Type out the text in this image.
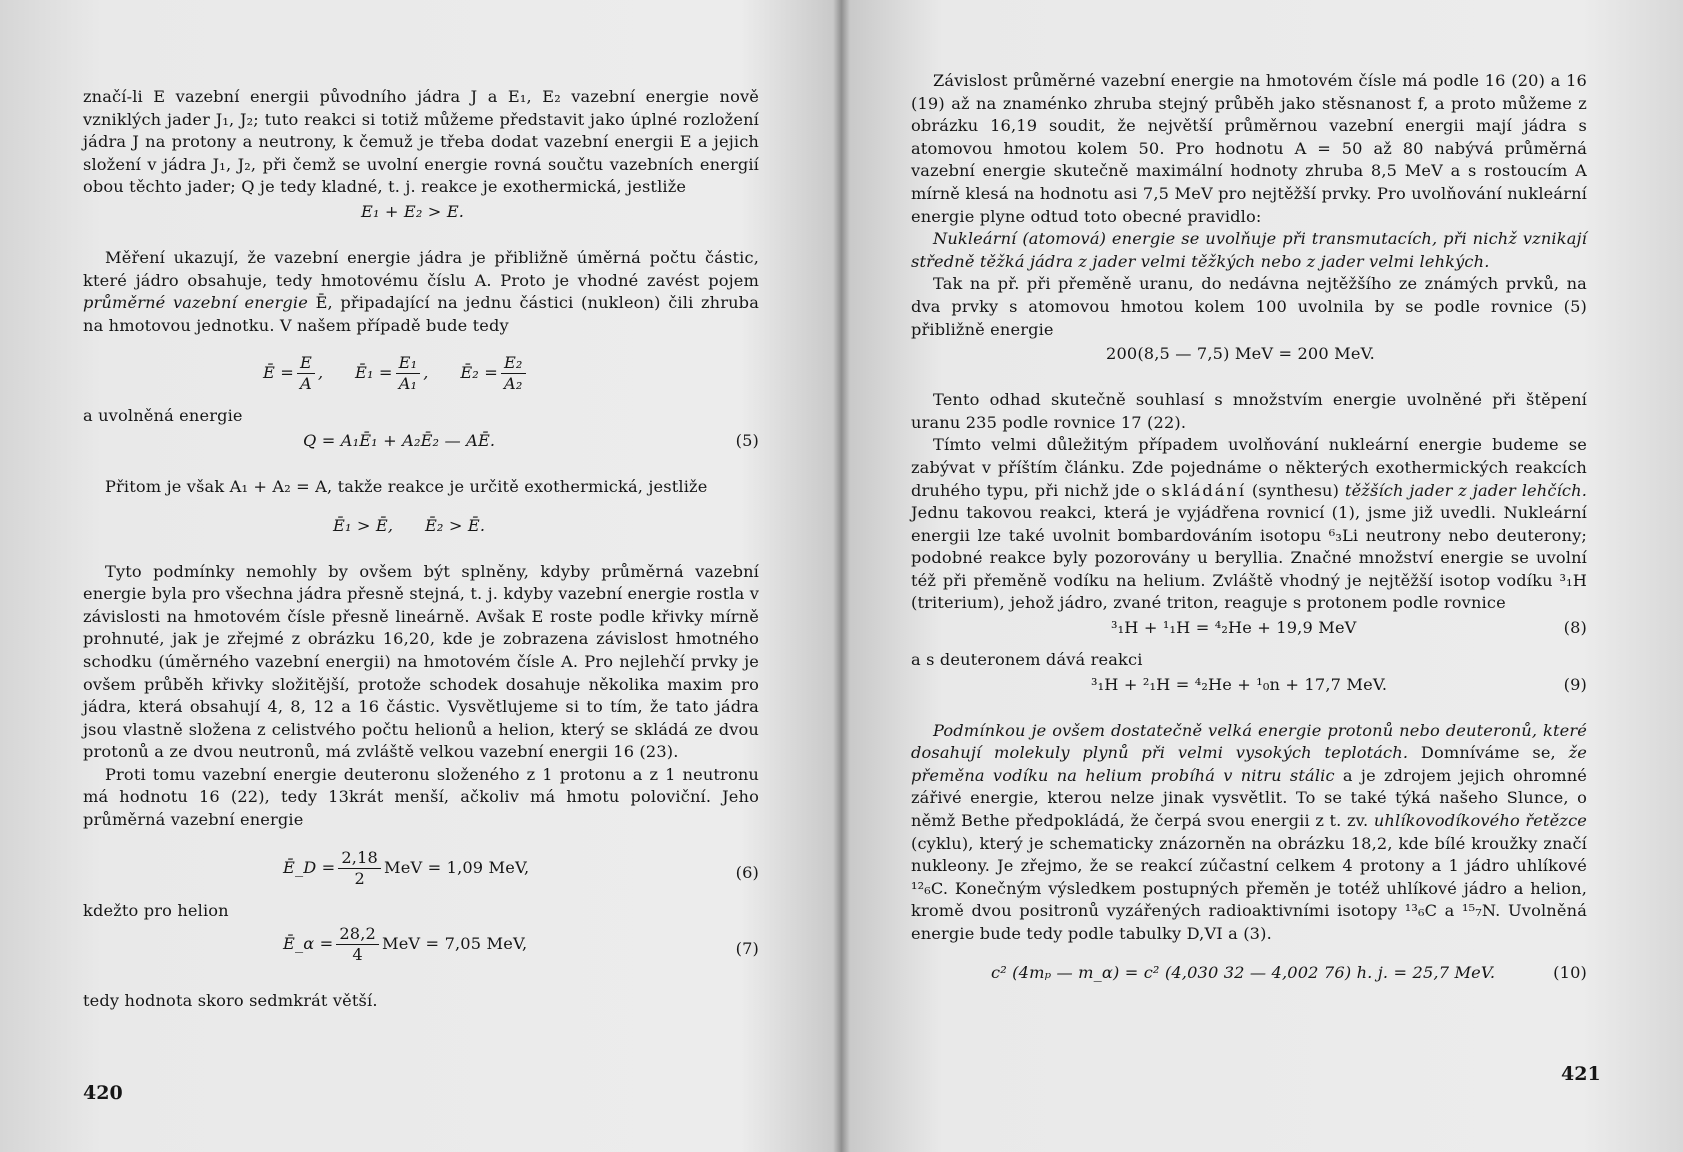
značí-li E vazební energii původního jádra J a E₁, E₂ vazební energie nově vzniklých jader J₁, J₂; tuto reakci si totiž můžeme představit jako úplné rozložení jádra J na protony a neutrony, k čemuž je třeba dodat vazební energii E a jejich složení v jádra J₁, J₂, při čemž se uvolní energie rovná součtu vazebních energií obou těchto jader; Q je tedy kladné, t. j. reakce je exothermická, jestliže

E₁ + E₂ > E.

Měření ukazují, že vazební energie jádra je přibližně úměrná počtu částic, které jádro obsahuje, tedy hmotovému číslu A. Proto je vhodné zavést pojem průměrné vazební energie Ē, připadající na jednu částici (nukleon) čili zhruba na hmotovou jednotku. V našem případě bude tedy

Ē = $\frac{E}{A}$ , Ē₁ = $\frac{\text{E₁}}{\text{A₁}}$ , Ē₂ = $\frac{\text{E₂}}{\text{A₂}}$

a uvolněná energie

Q = A₁Ē₁ + A₂Ē₂ — AĒ.	(5)

Přitom je však A₁ + A₂ = A, takže reakce je určitě exothermická, jestliže

Ē₁ > Ē,      Ē₂ > Ē.

Tyto podmínky nemohly by ovšem být splněny, kdyby průměrná vazební energie byla pro všechna jádra přesně stejná, t. j. kdyby vazební energie rostla v závislosti na hmotovém čísle přesně lineárně. Avšak E roste podle křivky mírně prohnuté, jak je zřejmé z obrázku 16,20, kde je zobrazena závislost hmotného schodku (úměrného vazební energii) na hmotovém čísle A. Pro nejlehčí prvky je ovšem průběh křivky složitější, protože schodek dosahuje několika maxim pro jádra, která obsahují 4, 8, 12 a 16 částic. Vysvětlujeme si to tím, že tato jádra jsou vlastně složena z celistvého počtu helionů a helion, který se skládá ze dvou protonů a ze dvou neutronů, má zvláště velkou vazební energii 16 (23).

Proti tomu vazební energie deuteronu složeného z 1 protonu a z 1 neutronu má hodnotu 16 (22), tedy 13krát menší, ačkoliv má hmotu poloviční. Jeho průměrná vazební energie

Ē_D = $\frac{2,18}{2}$ MeV = 1,09 MeV,	(6)

kdežto pro helion

Ē_α = $\frac{28,2}{4}$ MeV = 7,05 MeV,	(7)

tedy hodnota skoro sedmkrát větší.

420

Závislost průměrné vazební energie na hmotovém čísle má podle 16 (20) a 16 (19) až na znaménko zhruba stejný průběh jako stěsnanost f, a proto můžeme z obrázku 16,19 soudit, že největší průměrnou vazební energii mají jádra s atomovou hmotou kolem 50. Pro hodnotu A = 50 až 80 nabývá průměrná vazební energie skutečně maximální hodnoty zhruba 8,5 MeV a s rostoucím A mírně klesá na hodnotu asi 7,5 MeV pro nejtěžší prvky. Pro uvolňování nukleární energie plyne odtud toto obecné pravidlo:

Nukleární (atomová) energie se uvolňuje při transmutacích, při nichž vznikají středně těžká jádra z jader velmi těžkých nebo z jader velmi lehkých.

Tak na př. při přeměně uranu, do nedávna nejtěžšího ze známých prvků, na dva prvky s atomovou hmotou kolem 100 uvolnila by se podle rovnice (5) přibližně energie

200(8,5 — 7,5) MeV = 200 MeV.

Tento odhad skutečně souhlasí s množstvím energie uvolněné při štěpení uranu 235 podle rovnice 17 (22).

Tímto velmi důležitým případem uvolňování nukleární energie budeme se zabývat v příštím článku. Zde pojednáme o některých exothermických reakcích druhého typu, při nichž jde o skládání (synthesu) těžších jader z jader lehčích. Jednu takovou reakci, která je vyjádřena rovnicí (1), jsme již uvedli. Nukleární energii lze také uvolnit bombardováním isotopu ⁶₃Li neutrony nebo deuterony; podobné reakce byly pozorovány u beryllia. Značné množství energie se uvolní též při přeměně vodíku na helium. Zvláště vhodný je nejtěžší isotop vodíku ³₁H (triterium), jehož jádro, zvané triton, reaguje s protonem podle rovnice

³₁H + ¹₁H = ⁴₂He + 19,9 MeV	(8)

a s deuteronem dává reakci

³₁H + ²₁H = ⁴₂He + ¹₀n + 17,7 MeV.	(9)

Podmínkou je ovšem dostatečně velká energie protonů nebo deuteronů, které dosahují molekuly plynů při velmi vysokých teplotách. Domníváme se, že přeměna vodíku na helium probíhá v nitru stálic a je zdrojem jejich ohromné zářivé energie, kterou nelze jinak vysvětlit. To se také týká našeho Slunce, o němž Bethe předpokládá, že čerpá svou energii z t. zv. uhlíkovodíkového řetězce (cyklu), který je schematicky znázorněn na obrázku 18,2, kde bílé kroužky značí nukleony. Je zřejmo, že se reakcí zúčastní celkem 4 protony a 1 jádro uhlíkové ¹²₆C. Konečným výsledkem postupných přeměn je totéž uhlíkové jádro a helion, kromě dvou positronů vyzářených radioaktivními isotopy ¹³₆C a ¹⁵₇N. Uvolněná energie bude tedy podle tabulky D,VI a (3).

c² (4mₚ — m_α) = c² (4,030 32 — 4,002 76) h. j. = 25,7 MeV.	(10)
421
